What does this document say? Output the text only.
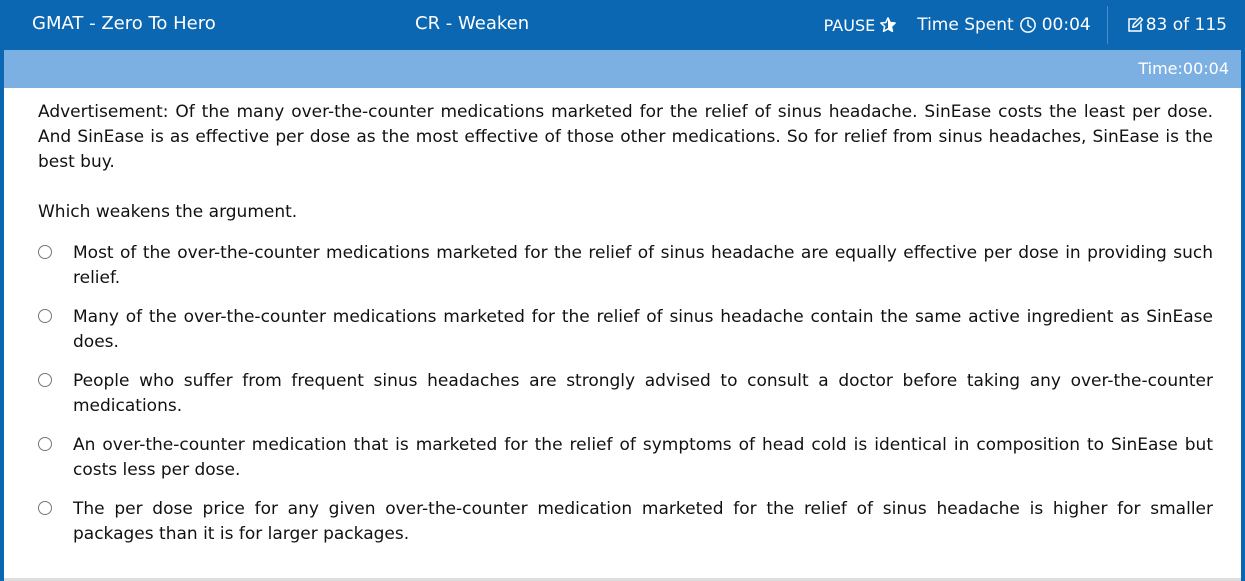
GMAT - Zero To Hero	CR - Weaken	PAUSE Time Spent 00:04	83 of 115
Time:00:04

Advertisement: Of the many over-the-counter medications marketed for the relief of sinus headache. SinEase costs the least per dose. And SinEase is as effective per dose as the most effective of those other medications. So for relief from sinus headaches, SinEase is the best buy.

Which weakens the argument.

Most of the over-the-counter medications marketed for the relief of sinus headache are equally effective per dose in providing such relief.
Many of the over-the-counter medications marketed for the relief of sinus headache contain the same active ingredient as SinEase does.
People who suffer from frequent sinus headaches are strongly advised to consult a doctor before taking any over-the-counter medications.
An over-the-counter medication that is marketed for the relief of symptoms of head cold is identical in composition to SinEase but costs less per dose.
The per dose price for any given over-the-counter medication marketed for the relief of sinus headache is higher for smaller packages than it is for larger packages.
